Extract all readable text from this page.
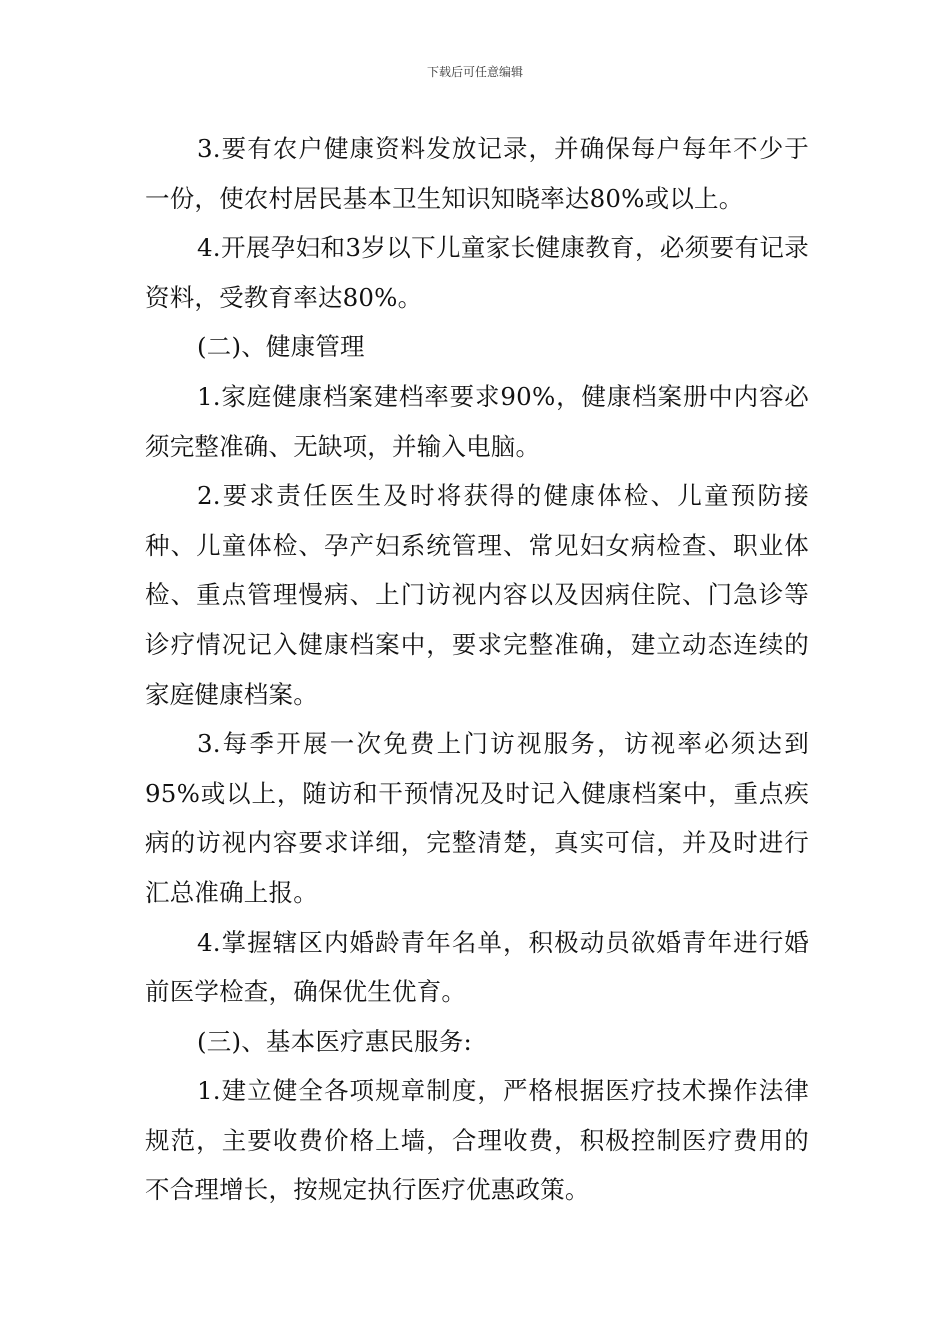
下载后可任意编辑

3.要有农户健康资料发放记录，并确保每户每年不少于一份，使农村居民基本卫生知识知晓率达80%或以上。

4.开展孕妇和3岁以下儿童家长健康教育，必须要有记录资料，受教育率达80%。

(二)、健康管理

1.家庭健康档案建档率要求90%，健康档案册中内容必须完整准确、无缺项，并输入电脑。

2.要求责任医生及时将获得的健康体检、儿童预防接种、儿童体检、孕产妇系统管理、常见妇女病检查、职业体检、重点管理慢病、上门访视内容以及因病住院、门急诊等诊疗情况记入健康档案中，要求完整准确，建立动态连续的家庭健康档案。

3.每季开展一次免费上门访视服务，访视率必须达到95%或以上，随访和干预情况及时记入健康档案中，重点疾病的访视内容要求详细，完整清楚，真实可信，并及时进行汇总准确上报。

4.掌握辖区内婚龄青年名单，积极动员欲婚青年进行婚前医学检查，确保优生优育。

(三)、基本医疗惠民服务:

1.建立健全各项规章制度，严格根据医疗技术操作法律规范，主要收费价格上墙，合理收费，积极控制医疗费用的不合理增长，按规定执行医疗优惠政策。
